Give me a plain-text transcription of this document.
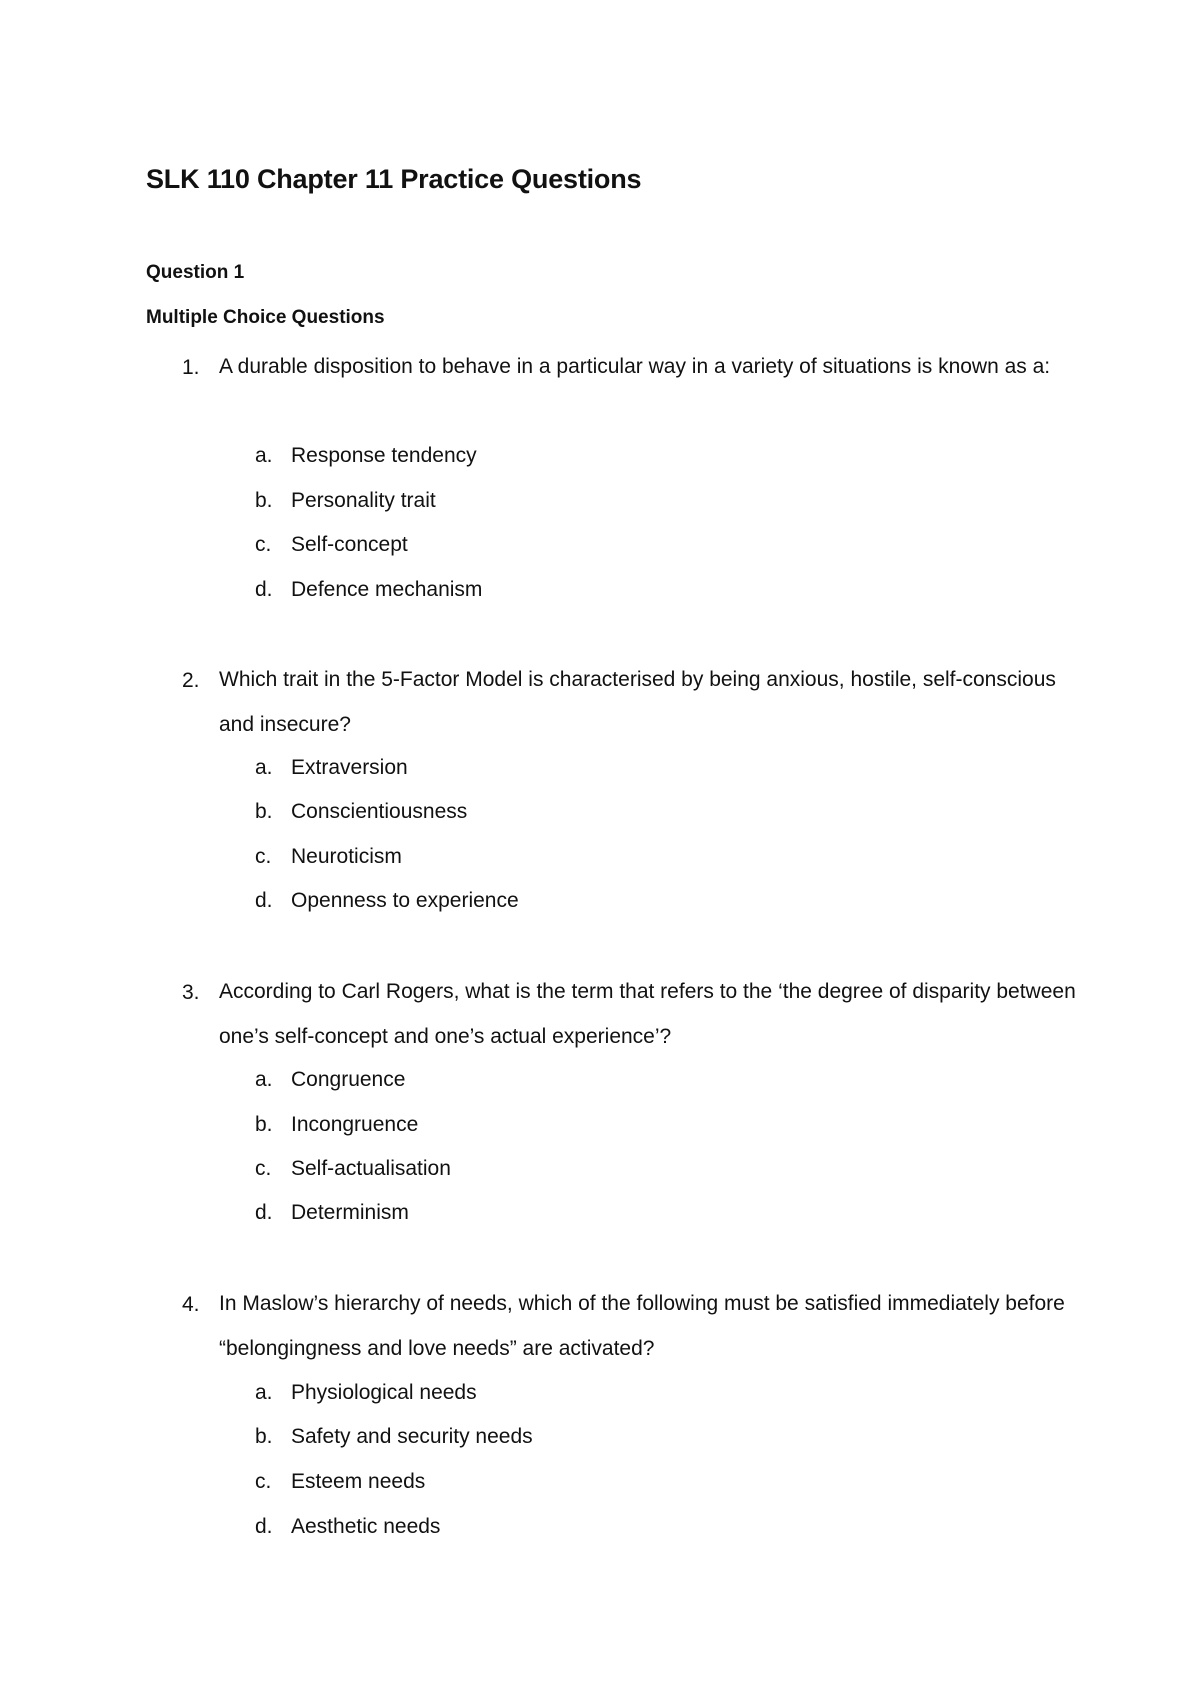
SLK 110 Chapter 11 Practice Questions
Question 1
Multiple Choice Questions
1. A durable disposition to behave in a particular way in a variety of situations is known as a:

a. Response tendency
b. Personality trait
c. Self-concept
d. Defence mechanism
2. Which trait in the 5-Factor Model is characterised by being anxious, hostile, self-conscious and insecure?

a. Extraversion
b. Conscientiousness
c. Neuroticism
d. Openness to experience
3. According to Carl Rogers, what is the term that refers to the ‘the degree of disparity between one’s self-concept and one’s actual experience’?

a. Congruence
b. Incongruence
c. Self-actualisation
d. Determinism
4. In Maslow’s hierarchy of needs, which of the following must be satisfied immediately before “belongingness and love needs” are activated?

a. Physiological needs
b. Safety and security needs
c. Esteem needs
d. Aesthetic needs
